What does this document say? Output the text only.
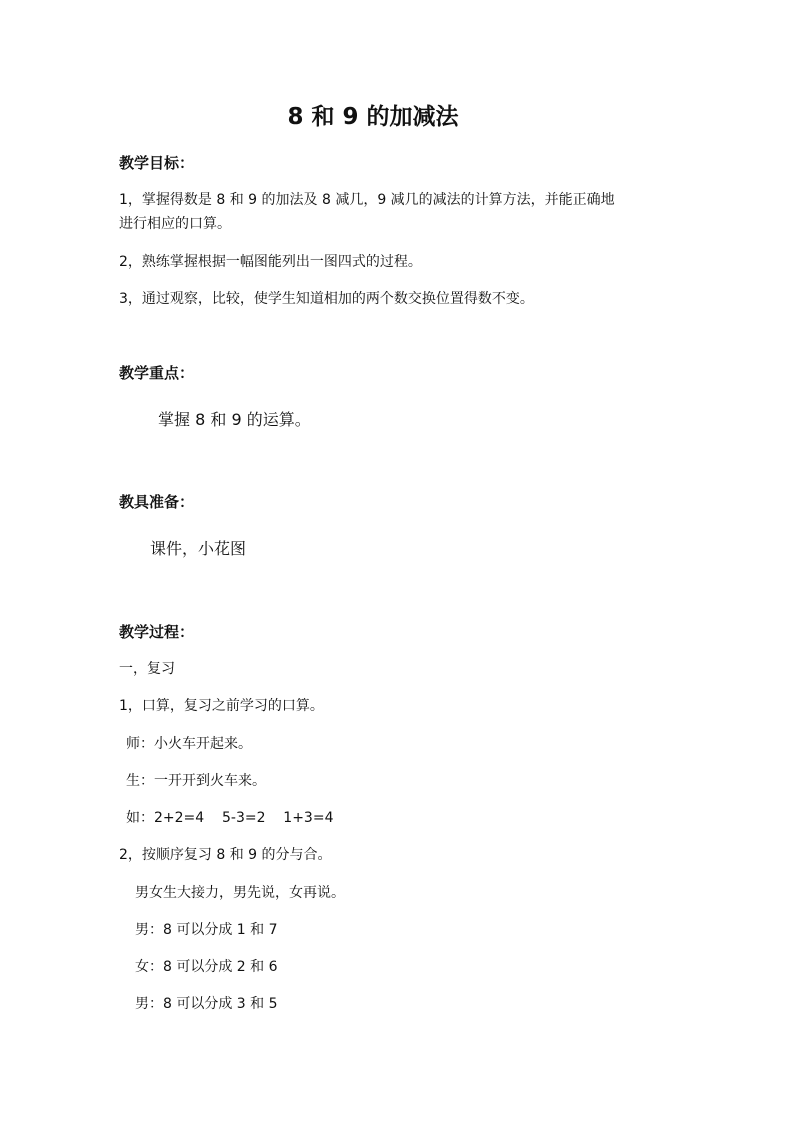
8 和 9 的加减法
教学目标：
1，掌握得数是 8 和 9 的加法及 8 减几，9 减几的减法的计算方法，并能正确地
进行相应的口算。
2，熟练掌握根据一幅图能列出一图四式的过程。
3，通过观察，比较，使学生知道相加的两个数交换位置得数不变。
教学重点：
掌握 8 和 9 的运算。
教具准备：
课件，小花图
教学过程：
一，复习
1，口算，复习之前学习的口算。
师：小火车开起来。
生：一开开到火车来。
如：2+2=4    5-3=2    1+3=4
2，按顺序复习 8 和 9 的分与合。
男女生大接力，男先说，女再说。
男：8 可以分成 1 和 7
女：8 可以分成 2 和 6
男：8 可以分成 3 和 5
